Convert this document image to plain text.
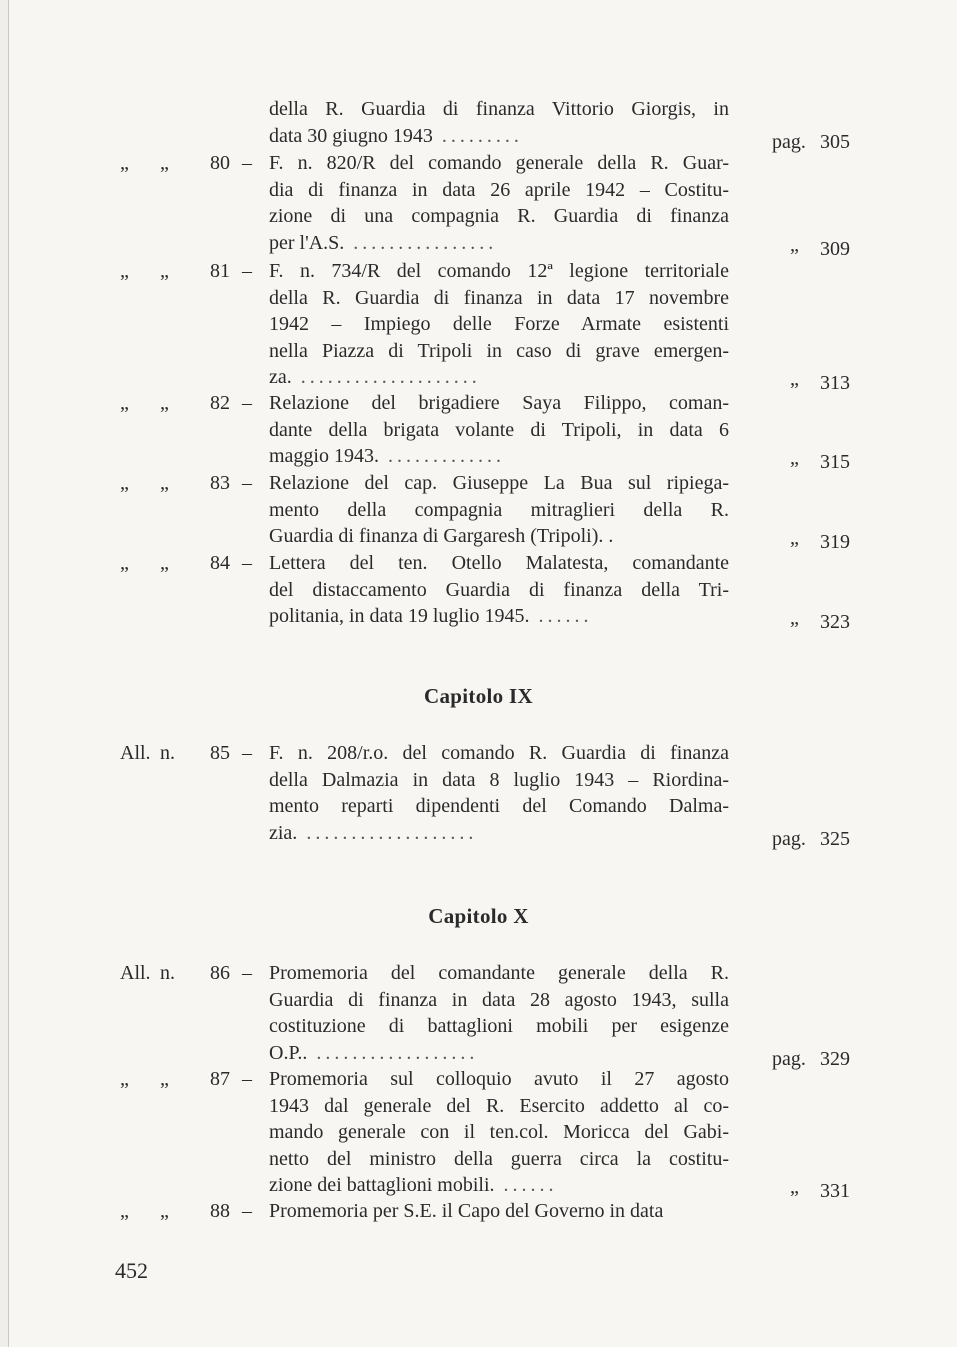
della R. Guardia di finanza Vittorio Giorgis, in
data 30 giugno 1943 .........	pag. 305
„	„	80 – F. n. 820/R del comando generale della R. Guar-
dia di finanza in data 26 aprile 1942 – Costitu-
zione di una compagnia R. Guardia di finanza
per l'A.S. ................	„	309
„	„	81 – F. n. 734/R del comando 12ª legione territoriale
della R. Guardia di finanza in data 17 novembre
1942 – Impiego delle Forze Armate esistenti
nella Piazza di Tripoli in caso di grave emergen-
za. ....................	„	313
„	„	82 – Relazione del brigadiere Saya Filippo, coman-
dante della brigata volante di Tripoli, in data 6
maggio 1943. .............	„	315
„	„	83 – Relazione del cap. Giuseppe La Bua sul ripiega-
mento della compagnia mitraglieri della R.
Guardia di finanza di Gargaresh (Tripoli). .	„	319
„	„	84 – Lettera del ten. Otello Malatesta, comandante
del distaccamento Guardia di finanza della Tri-
politania, in data 19 luglio 1945. ......	„	323
Capitolo IX
All. n.	85 – F. n. 208/r.o. del comando R. Guardia di finanza
della Dalmazia in data 8 luglio 1943 – Riordina-
mento reparti dipendenti del Comando Dalma-
zia. ...................	pag. 325
Capitolo X
All. n.	86 – Promemoria del comandante generale della R.
Guardia di finanza in data 28 agosto 1943, sulla
costituzione di battaglioni mobili per esigenze
O.P.. ..................	pag. 329
„	„	87 – Promemoria sul colloquio avuto il 27 agosto
1943 dal generale del R. Esercito addetto al co-
mando generale con il ten.col. Moricca del Gabi-
netto del ministro della guerra circa la costitu-
zione dei battaglioni mobili. ......	„	331
„	„	88 – Promemoria per S.E. il Capo del Governo in data
452
